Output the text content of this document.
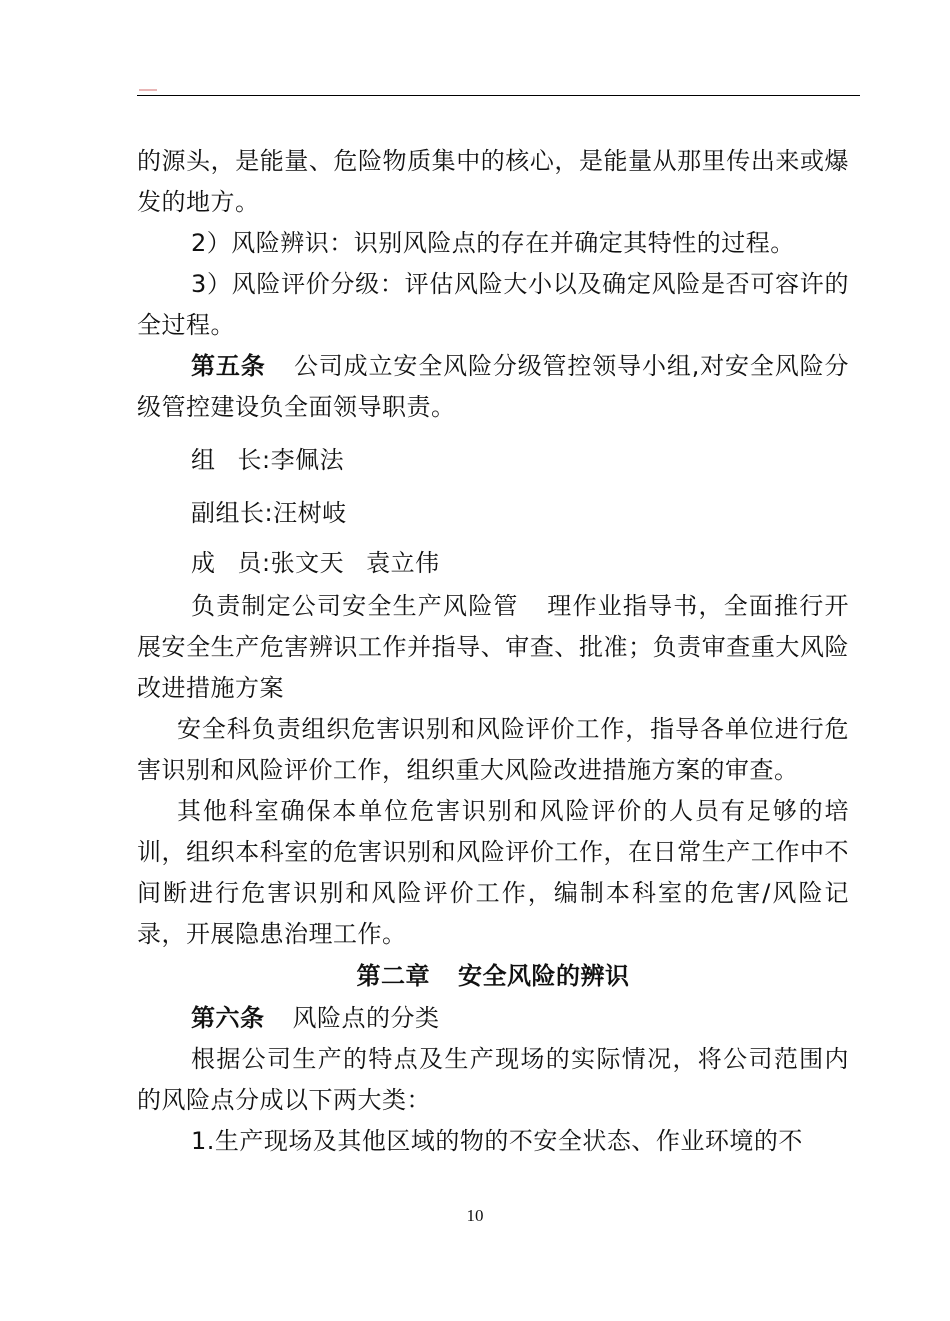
的源头，是能量、危险物质集中的核心，是能量从那里传出来或爆发的地方。

2）风险辨识：识别风险点的存在并确定其特性的过程。

3）风险评价分级：评估风险大小以及确定风险是否可容许的全过程。

第五条 公司成立安全风险分级管控领导小组,对安全风险分级管控建设负全面领导职责。

组 长:李佩法

副组长:汪树岐

成 员:张文天 袁立伟

负责制定公司安全生产风险管 理作业指导书，全面推行开展安全生产危害辨识工作并指导、审查、批准；负责审查重大风险改进措施方案

安全科负责组织危害识别和风险评价工作，指导各单位进行危害识别和风险评价工作，组织重大风险改进措施方案的审查。

其他科室确保本单位危害识别和风险评价的人员有足够的培训，组织本科室的危害识别和风险评价工作，在日常生产工作中不间断进行危害识别和风险评价工作，编制本科室的危害/风险记录，开展隐患治理工作。

第二章 安全风险的辨识

第六条 风险点的分类

根据公司生产的特点及生产现场的实际情况，将公司范围内的风险点分成以下两大类：

1.生产现场及其他区域的物的不安全状态、作业环境的不

10
